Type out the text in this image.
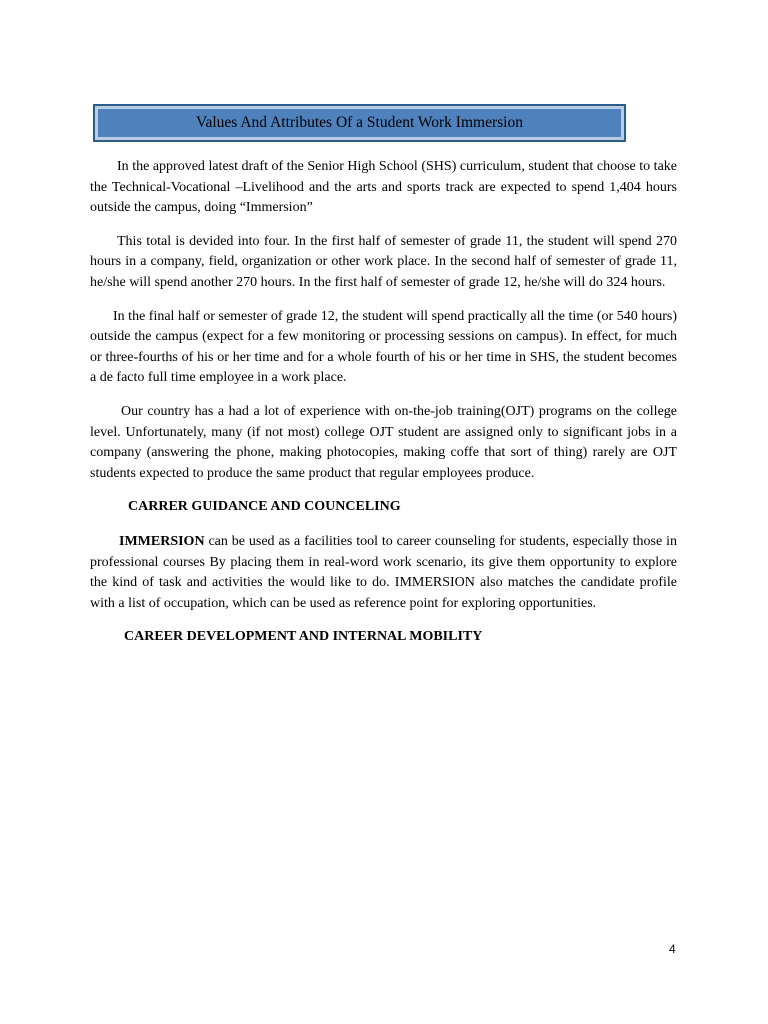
Values And Attributes Of a Student Work Immersion

In the approved latest draft of the Senior High School (SHS) curriculum, student that choose to take the Technical-Vocational –Livelihood and the arts and sports track are expected to spend 1,404 hours outside the campus, doing “Immersion”

This total is devided into four. In the first half of semester of grade 11, the student will spend 270 hours in a company, field, organization or other work place. In the second half of semester of grade 11, he/she will spend another 270 hours. In the first half of semester of grade 12, he/she will do 324 hours.

In the final half or semester of grade 12, the student will spend practically all the time (or 540 hours) outside the campus (expect for a few monitoring or processing sessions on campus). In effect, for much or three-fourths of his or her time and for a whole fourth of his or her time in SHS, the student becomes a de facto full time employee in a work place.

Our country has a had a lot of experience with on-the-job training(OJT) programs on the college level. Unfortunately, many (if not most) college OJT student are assigned only to significant jobs in a company (answering the phone, making photocopies, making coffe that sort of thing) rarely are OJT students expected to produce the same product that regular employees produce.

CARRER GUIDANCE AND COUNCELING

IMMERSION can be used as a facilities tool to career counseling for students, especially those in professional courses By placing them in real-word work scenario, its give them opportunity to explore the kind of task and activities the would like to do. IMMERSION also matches the candidate profile with a list of occupation, which can be used as reference point for exploring opportunities.

CAREER DEVELOPMENT AND INTERNAL MOBILITY
4
